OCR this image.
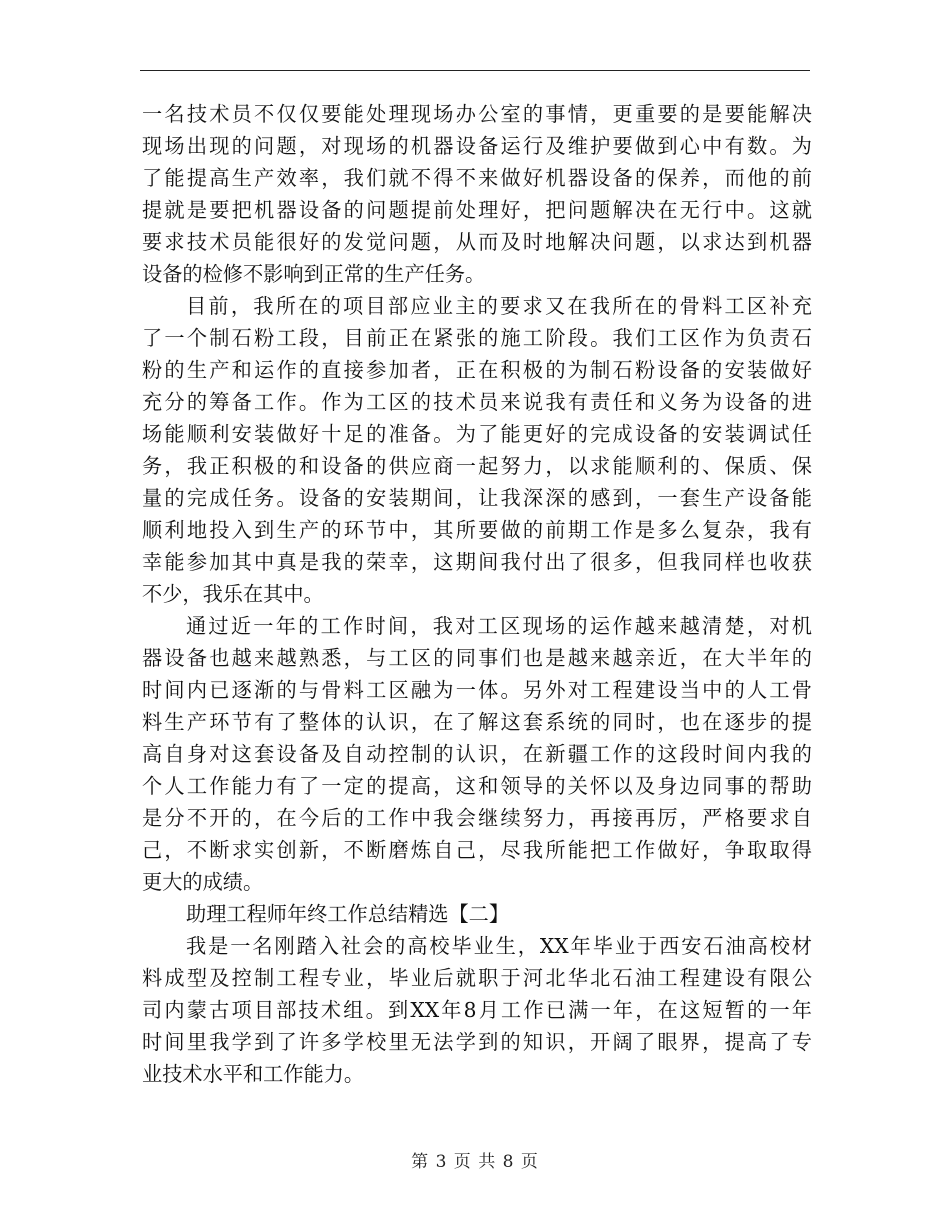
一名技术员不仅仅要能处理现场办公室的事情，更重要的是要能解决
现场出现的问题，对现场的机器设备运行及维护要做到心中有数。为
了能提高生产效率，我们就不得不来做好机器设备的保养，而他的前
提就是要把机器设备的问题提前处理好，把问题解决在无行中。这就
要求技术员能很好的发觉问题，从而及时地解决问题，以求达到机器
设备的检修不影响到正常的生产任务。
目前，我所在的项目部应业主的要求又在我所在的骨料工区补充
了一个制石粉工段，目前正在紧张的施工阶段。我们工区作为负责石
粉的生产和运作的直接参加者，正在积极的为制石粉设备的安装做好
充分的筹备工作。作为工区的技术员来说我有责任和义务为设备的进
场能顺利安装做好十足的准备。为了能更好的完成设备的安装调试任
务，我正积极的和设备的供应商一起努力，以求能顺利的、保质、保
量的完成任务。设备的安装期间，让我深深的感到，一套生产设备能
顺利地投入到生产的环节中，其所要做的前期工作是多么复杂，我有
幸能参加其中真是我的荣幸，这期间我付出了很多，但我同样也收获
不少，我乐在其中。
通过近一年的工作时间，我对工区现场的运作越来越清楚，对机
器设备也越来越熟悉，与工区的同事们也是越来越亲近，在大半年的
时间内已逐渐的与骨料工区融为一体。另外对工程建设当中的人工骨
料生产环节有了整体的认识，在了解这套系统的同时，也在逐步的提
高自身对这套设备及自动控制的认识，在新疆工作的这段时间内我的
个人工作能力有了一定的提高，这和领导的关怀以及身边同事的帮助
是分不开的，在今后的工作中我会继续努力，再接再厉，严格要求自
己，不断求实创新，不断磨炼自己，尽我所能把工作做好，争取取得
更大的成绩。
助理工程师年终工作总结精选【二】
我是一名刚踏入社会的高校毕业生，XX年毕业于西安石油高校材
料成型及控制工程专业，毕业后就职于河北华北石油工程建设有限公
司内蒙古项目部技术组。到XX年8月工作已满一年，在这短暂的一年
时间里我学到了许多学校里无法学到的知识，开阔了眼界，提高了专
业技术水平和工作能力。
第 3 页 共 8 页
